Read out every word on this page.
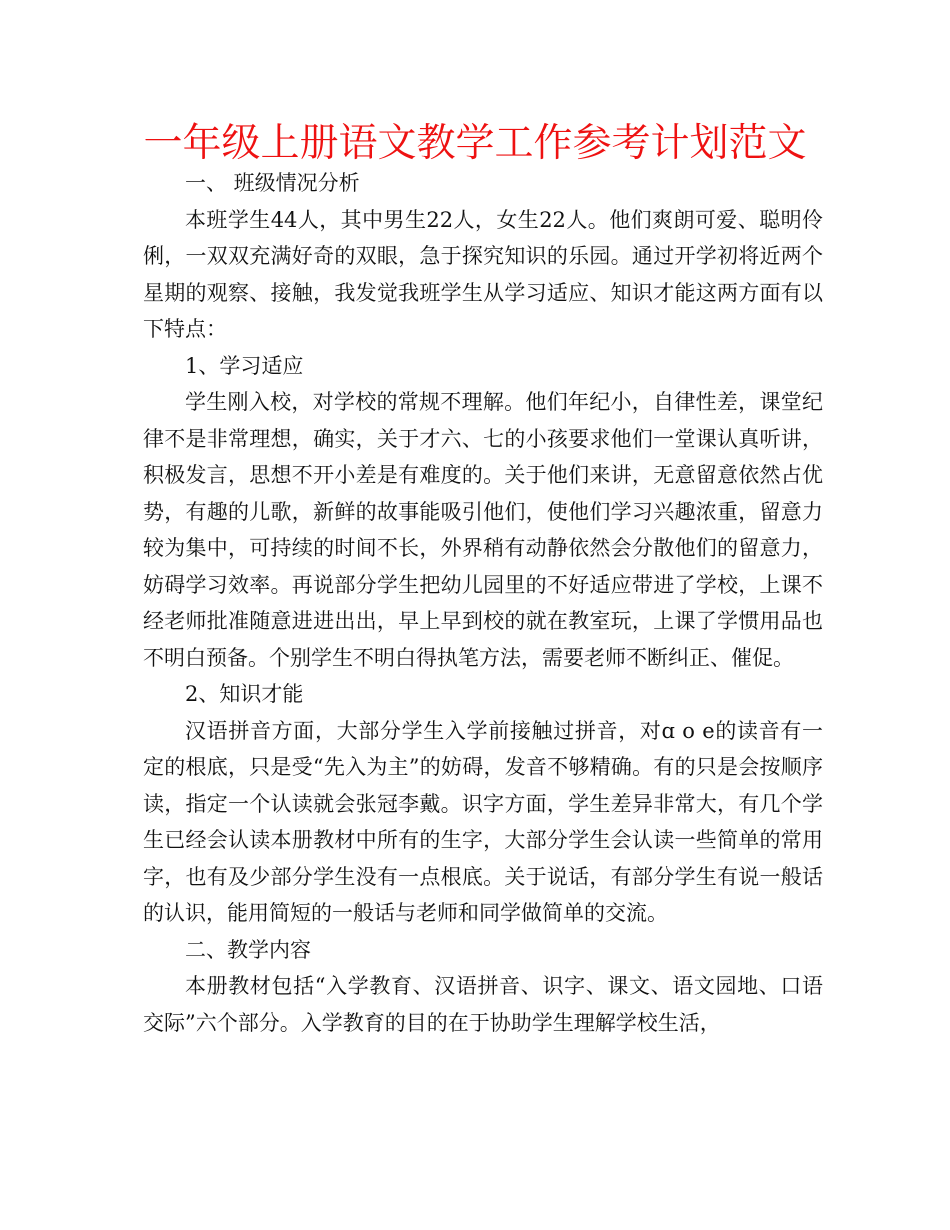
一年级上册语文教学工作参考计划范文

一、 班级情况分析

本班学生44人，其中男生22人，女生22人。他们爽朗可爱、聪明伶俐，一双双充满好奇的双眼，急于探究知识的乐园。通过开学初将近两个星期的观察、接触，我发觉我班学生从学习适应、知识才能这两方面有以下特点：

1、学习适应

学生刚入校，对学校的常规不理解。他们年纪小，自律性差，课堂纪律不是非常理想，确实，关于才六、七的小孩要求他们一堂课认真听讲，积极发言，思想不开小差是有难度的。关于他们来讲，无意留意依然占优势，有趣的儿歌，新鲜的故事能吸引他们，使他们学习兴趣浓重，留意力较为集中，可持续的时间不长，外界稍有动静依然会分散他们的留意力，妨碍学习效率。再说部分学生把幼儿园里的不好适应带进了学校，上课不经老师批准随意进进出出，早上早到校的就在教室玩，上课了学惯用品也不明白预备。个别学生不明白得执笔方法，需要老师不断纠正、催促。

2、知识才能

汉语拼音方面，大部分学生入学前接触过拼音，对ɑ o e的读音有一定的根底，只是受“先入为主”的妨碍，发音不够精确。有的只是会按顺序读，指定一个认读就会张冠李戴。识字方面，学生差异非常大，有几个学生已经会认读本册教材中所有的生字，大部分学生会认读一些简单的常用字，也有及少部分学生没有一点根底。关于说话，有部分学生有说一般话的认识，能用简短的一般话与老师和同学做简单的交流。

二、教学内容

本册教材包括“入学教育、汉语拼音、识字、课文、语文园地、口语交际”六个部分。入学教育的目的在于协助学生理解学校生活，
